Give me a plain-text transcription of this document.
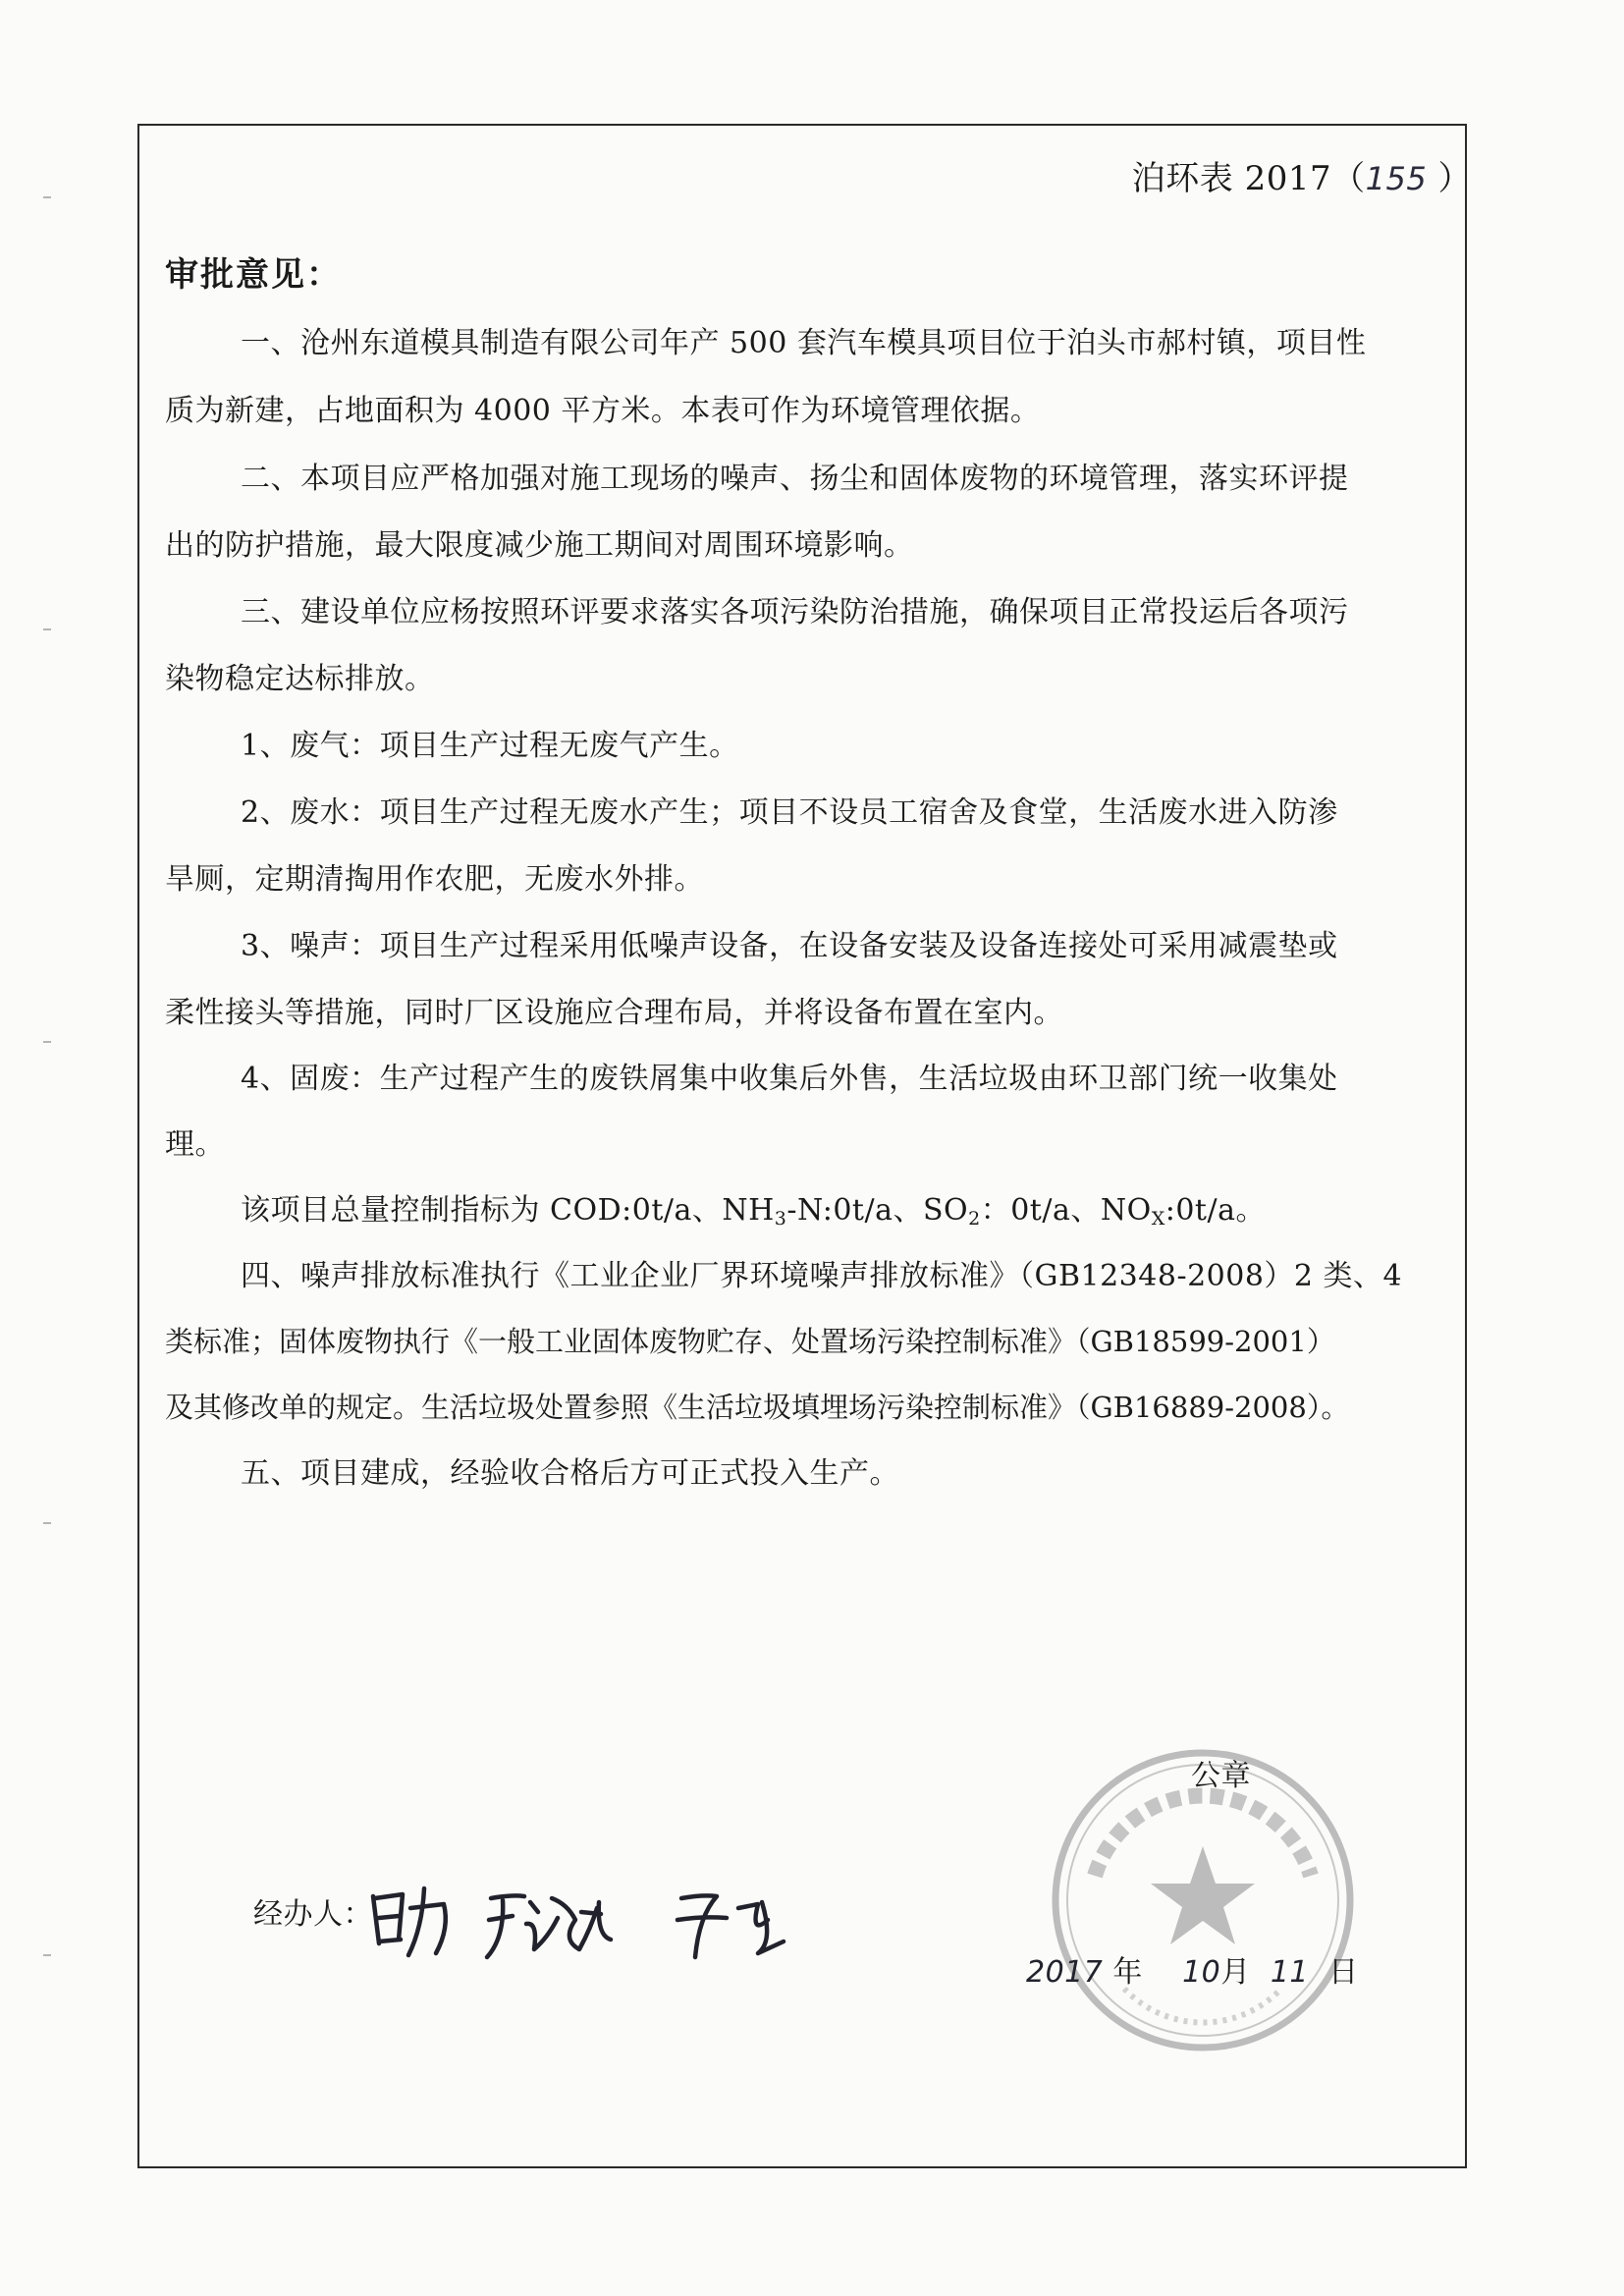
泊环表 2017（155 ）
审批意见：
一、沧州东道模具制造有限公司年产 500 套汽车模具项目位于泊头市郝村镇，项目性
质为新建，占地面积为 4000 平方米。本表可作为环境管理依据。
二、本项目应严格加强对施工现场的噪声、扬尘和固体废物的环境管理，落实环评提
出的防护措施，最大限度减少施工期间对周围环境影响。
三、建设单位应杨按照环评要求落实各项污染防治措施，确保项目正常投运后各项污
染物稳定达标排放。
1、废气：项目生产过程无废气产生。
2、废水：项目生产过程无废水产生；项目不设员工宿舍及食堂，生活废水进入防渗
旱厕，定期清掏用作农肥，无废水外排。
3、噪声：项目生产过程采用低噪声设备，在设备安装及设备连接处可采用减震垫或
柔性接头等措施，同时厂区设施应合理布局，并将设备布置在室内。
4、固废：生产过程产生的废铁屑集中收集后外售，生活垃圾由环卫部门统一收集处
理。
该项目总量控制指标为 COD:0t/a、$NH_3-N:0t/a$、$SO_2$：0t/a、$NO_X:0t/a$。
四、噪声排放标准执行《工业企业厂界环境噪声排放标准》（GB12348-2008）2 类、4
类标准；固体废物执行《一般工业固体废物贮存、处置场污染控制标准》（GB18599-2001）
及其修改单的规定。生活垃圾处置参照《生活垃圾填埋场污染控制标准》（GB16889-2008）。
五、项目建成，经验收合格后方可正式投入生产。
公章
经办人：
2017 年 10月 11 日
